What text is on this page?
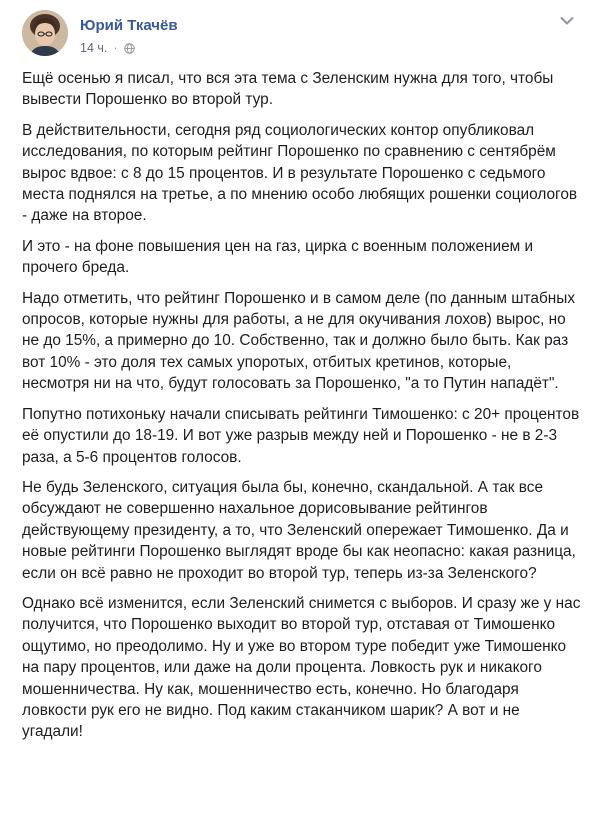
Юрий Ткачёв
14 ч. ·

Ещё осенью я писал, что вся эта тема с Зеленским нужна для того, чтобы вывести Порошенко во второй тур.

В действительности, сегодня ряд социологических контор опубликовал исследования, по которым рейтинг Порошенко по сравнению с сентябрём вырос вдвое: с 8 до 15 процентов. И в результате Порошенко с седьмого места поднялся на третье, а по мнению особо любящих рошенки социологов - даже на второе.

И это - на фоне повышения цен на газ, цирка с военным положением и прочего бреда.

Надо отметить, что рейтинг Порошенко и в самом деле (по данным штабных опросов, которые нужны для работы, а не для окучивания лохов) вырос, но не до 15%, а примерно до 10. Собственно, так и должно было быть. Как раз вот 10% - это доля тех самых упоротых, отбитых кретинов, которые, несмотря ни на что, будут голосовать за Порошенко, "а то Путин нападёт".

Попутно потихоньку начали списывать рейтинги Тимошенко: с 20+ процентов её опустили до 18-19. И вот уже разрыв между ней и Порошенко - не в 2-3 раза, а 5-6 процентов голосов.

Не будь Зеленского, ситуация была бы, конечно, скандальной. А так все обсуждают не совершенно нахальное дорисовывание рейтингов действующему президенту, а то, что Зеленский опережает Тимошенко. Да и новые рейтинги Порошенко выглядят вроде бы как неопасно: какая разница, если он всё равно не проходит во второй тур, теперь из-за Зеленского?

Однако всё изменится, если Зеленский снимется с выборов. И сразу же у нас получится, что Порошенко выходит во второй тур, отставая от Тимошенко ощутимо, но преодолимо. Ну и уже во втором туре победит уже Тимошенко на пару процентов, или даже на доли процента. Ловкость рук и никакого мошенничества. Ну как, мошенничество есть, конечно. Но благодаря ловкости рук его не видно. Под каким стаканчиком шарик? А вот и не угадали!
